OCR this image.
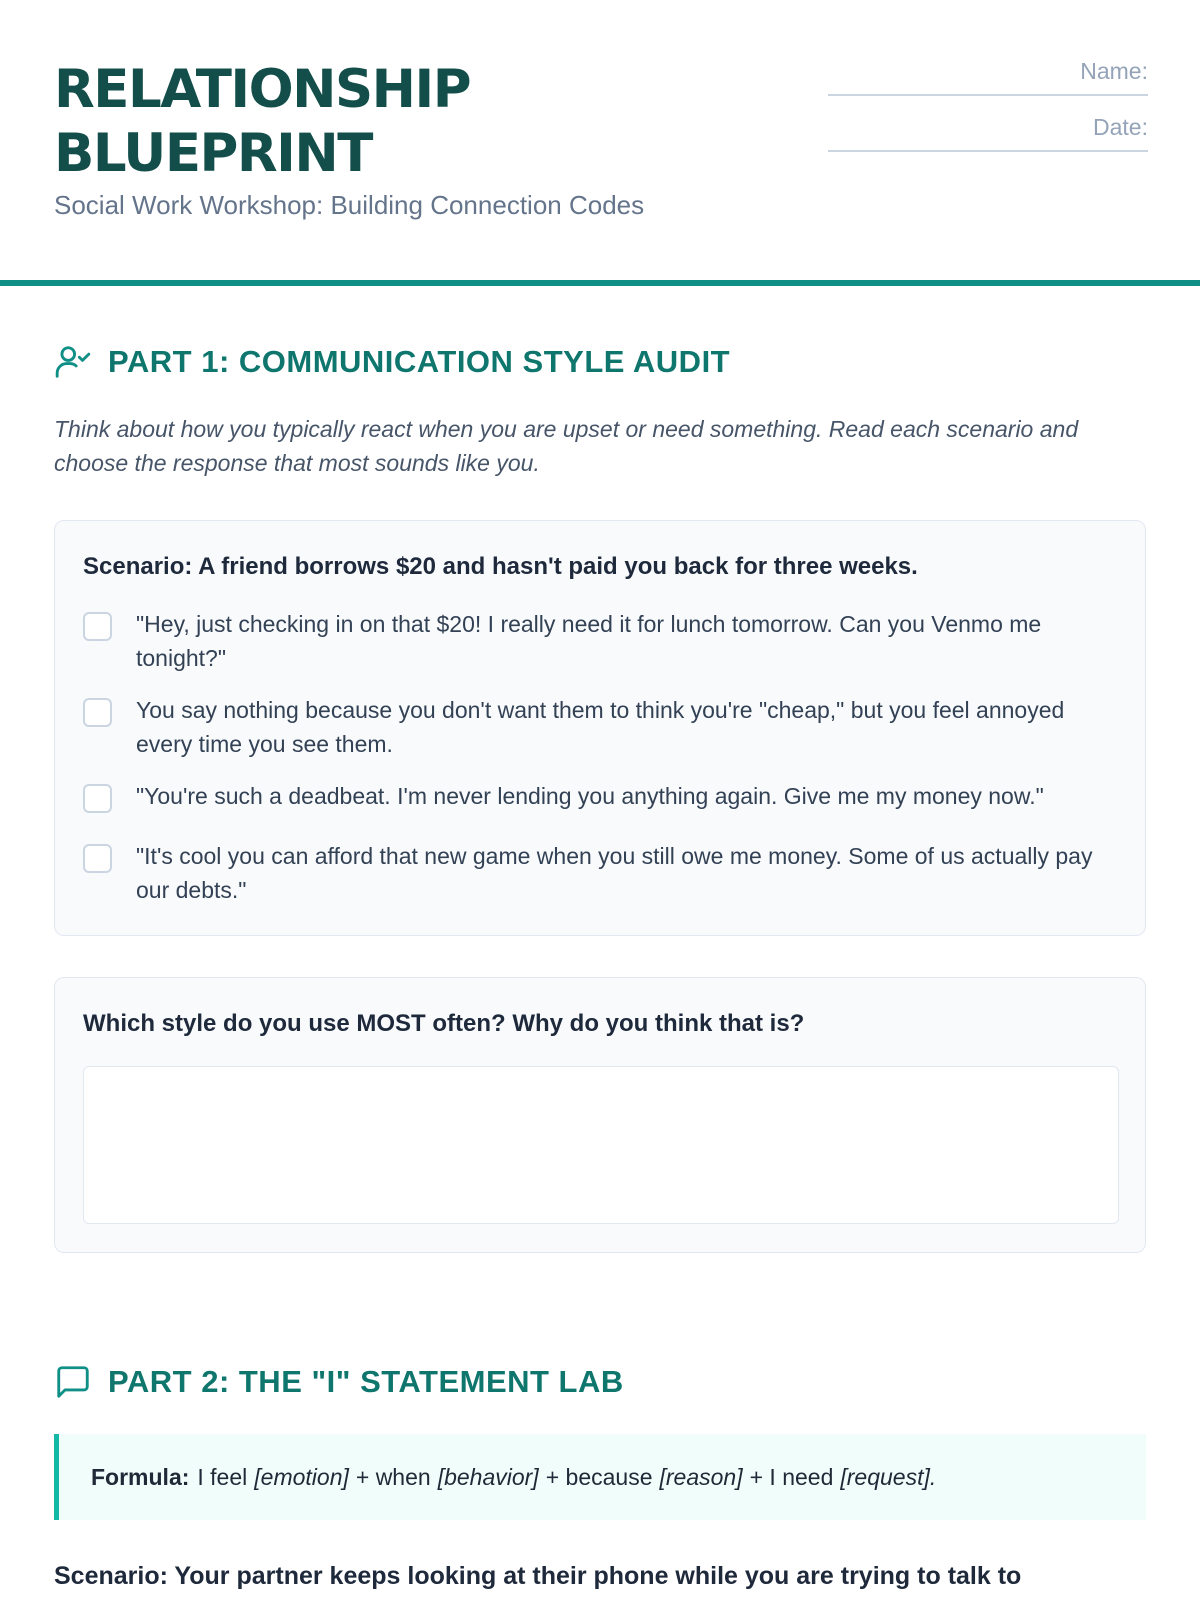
RELATIONSHIP
BLUEPRINT
Social Work Workshop: Building Connection Codes
Name:
Date:
PART 1: COMMUNICATION STYLE AUDIT
Think about how you typically react when you are upset or need something. Read each scenario and choose the response that most sounds like you.
Scenario: A friend borrows $20 and hasn't paid you back for three weeks.
"Hey, just checking in on that $20! I really need it for lunch tomorrow. Can you Venmo me tonight?"
You say nothing because you don't want them to think you're "cheap," but you feel annoyed every time you see them.
"You're such a deadbeat. I'm never lending you anything again. Give me my money now."
"It's cool you can afford that new game when you still owe me money. Some of us actually pay our debts."
Which style do you use MOST often? Why do you think that is?
PART 2: THE "I" STATEMENT LAB
Formula: I feel [emotion] + when [behavior] + because [reason] + I need [request].
Scenario: Your partner keeps looking at their phone while you are trying to talk to
